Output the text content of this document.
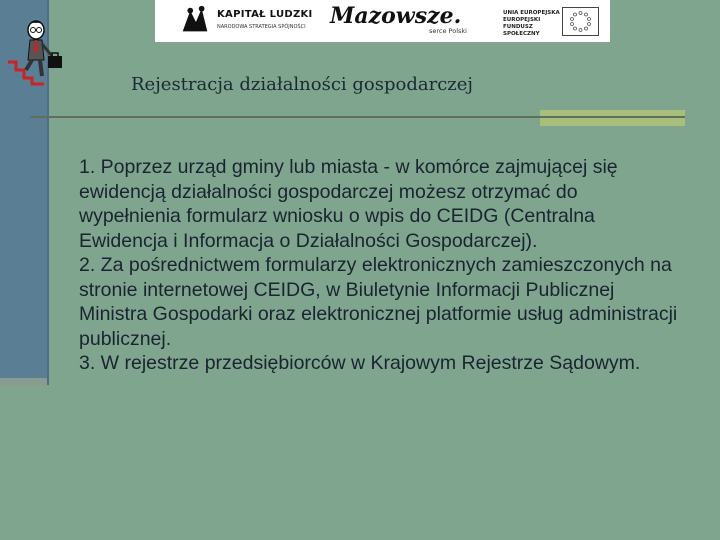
KAPITAŁ LUDZKI
NARODOWA STRATEGIA SPÓJNOŚCI Mazowsze.
serce Polski
UNIA EUROPEJSKA
EUROPEJSKI
FUNDUSZ SPOŁECZNY
Rejestracja działalności gospodarczej

1. Poprzez urząd gminy lub miasta - w komórce zajmującej się ewidencją działalności gospodarczej możesz otrzymać do wypełnienia formularz wniosku o wpis do CEIDG (Centralna Ewidencja i Informacja o Działalności Gospodarczej).

2. Za pośrednictwem formularzy elektronicznych zamieszczonych na stronie internetowej CEIDG, w Biuletynie Informacji Publicznej Ministra Gospodarki oraz elektronicznej platformie usług administracji publicznej.

3. W rejestrze przedsiębiorców w Krajowym Rejestrze Sądowym.
